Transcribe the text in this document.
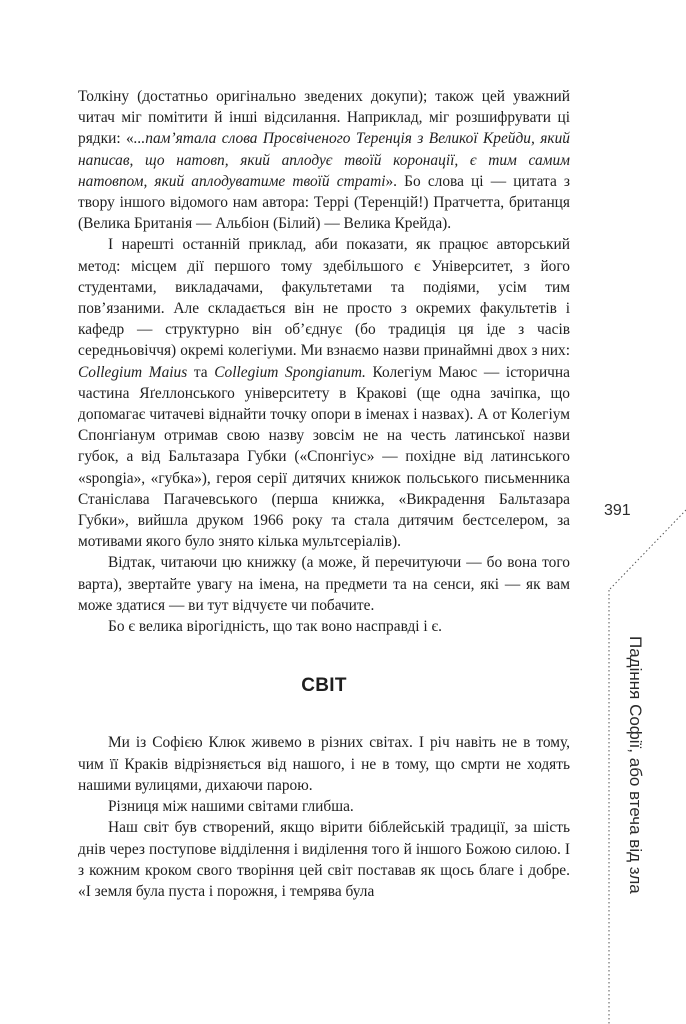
Толкіну (достатньо оригінально зведених докупи); також цей уважний читач міг помітити й інші відсилання. Наприклад, міг розшифрувати ці рядки: «...пам’ятала слова Просвіченого Теренція з Великої Крейди, який написав, що натовп, який аплодує твоїй коронації, є тим самим натовпом, який аплодуватиме твоїй страті». Бо слова ці — цитата з твору іншого відомого нам автора: Террі (Теренцій!) Пратчетта, британця (Велика Британія — Альбіон (Білий) — Велика Крейда).

І нарешті останній приклад, аби показати, як працює авторський метод: місцем дії першого тому здебільшого є Університет, з його студентами, викладачами, факультетами та подіями, усім тим пов’язаними. Але складається він не просто з окремих факультетів і кафедр — структурно він об’єднує (бо традиція ця іде з часів середньовіччя) окремі колегіуми. Ми взнаємо назви принаймні двох з них: Collegium Maius та Collegium Spongianum. Колегіум Маюс — історична частина Яґеллонського університету в Кракові (ще одна зачіпка, що допомагає читачеві віднайти точку опори в іменах і назвах). А от Колегіум Спонгіанум отримав свою назву зовсім не на честь латинської назви губок, а від Бальтазара Губки («Спонгіус» — похідне від латинського «spongia», «губка»), героя серії дитячих книжок польського письменника Станіслава Пагачевського (перша книжка, «Викрадення Бальтазара Губки», вийшла друком 1966 року та стала дитячим бестселером, за мотивами якого було знято кілька мультсеріалів).

Відтак, читаючи цю книжку (а може, й перечитуючи — бо вона того варта), звертайте увагу на імена, на предмети та на сенси, які — як вам може здатися — ви тут відчуєте чи побачите.

Бо є велика вірогідність, що так воно насправді і є.

СВІТ

Ми із Софією Клюк живемо в різних світах. І річ навіть не в тому, чим її Краків відрізняється від нашого, і не в тому, що смрти не ходять нашими вулицями, дихаючи парою.

Різниця між нашими світами глибша.

Наш світ був створений, якщо вірити біблейській традиції, за шість днів через поступове відділення і виділення того й іншого Божою силою. І з кожним кроком свого творіння цей світ поставав як щось благе і добре. «І земля була пуста і порожня, і темрява була

391
Падіння Софії, або втеча від зла
